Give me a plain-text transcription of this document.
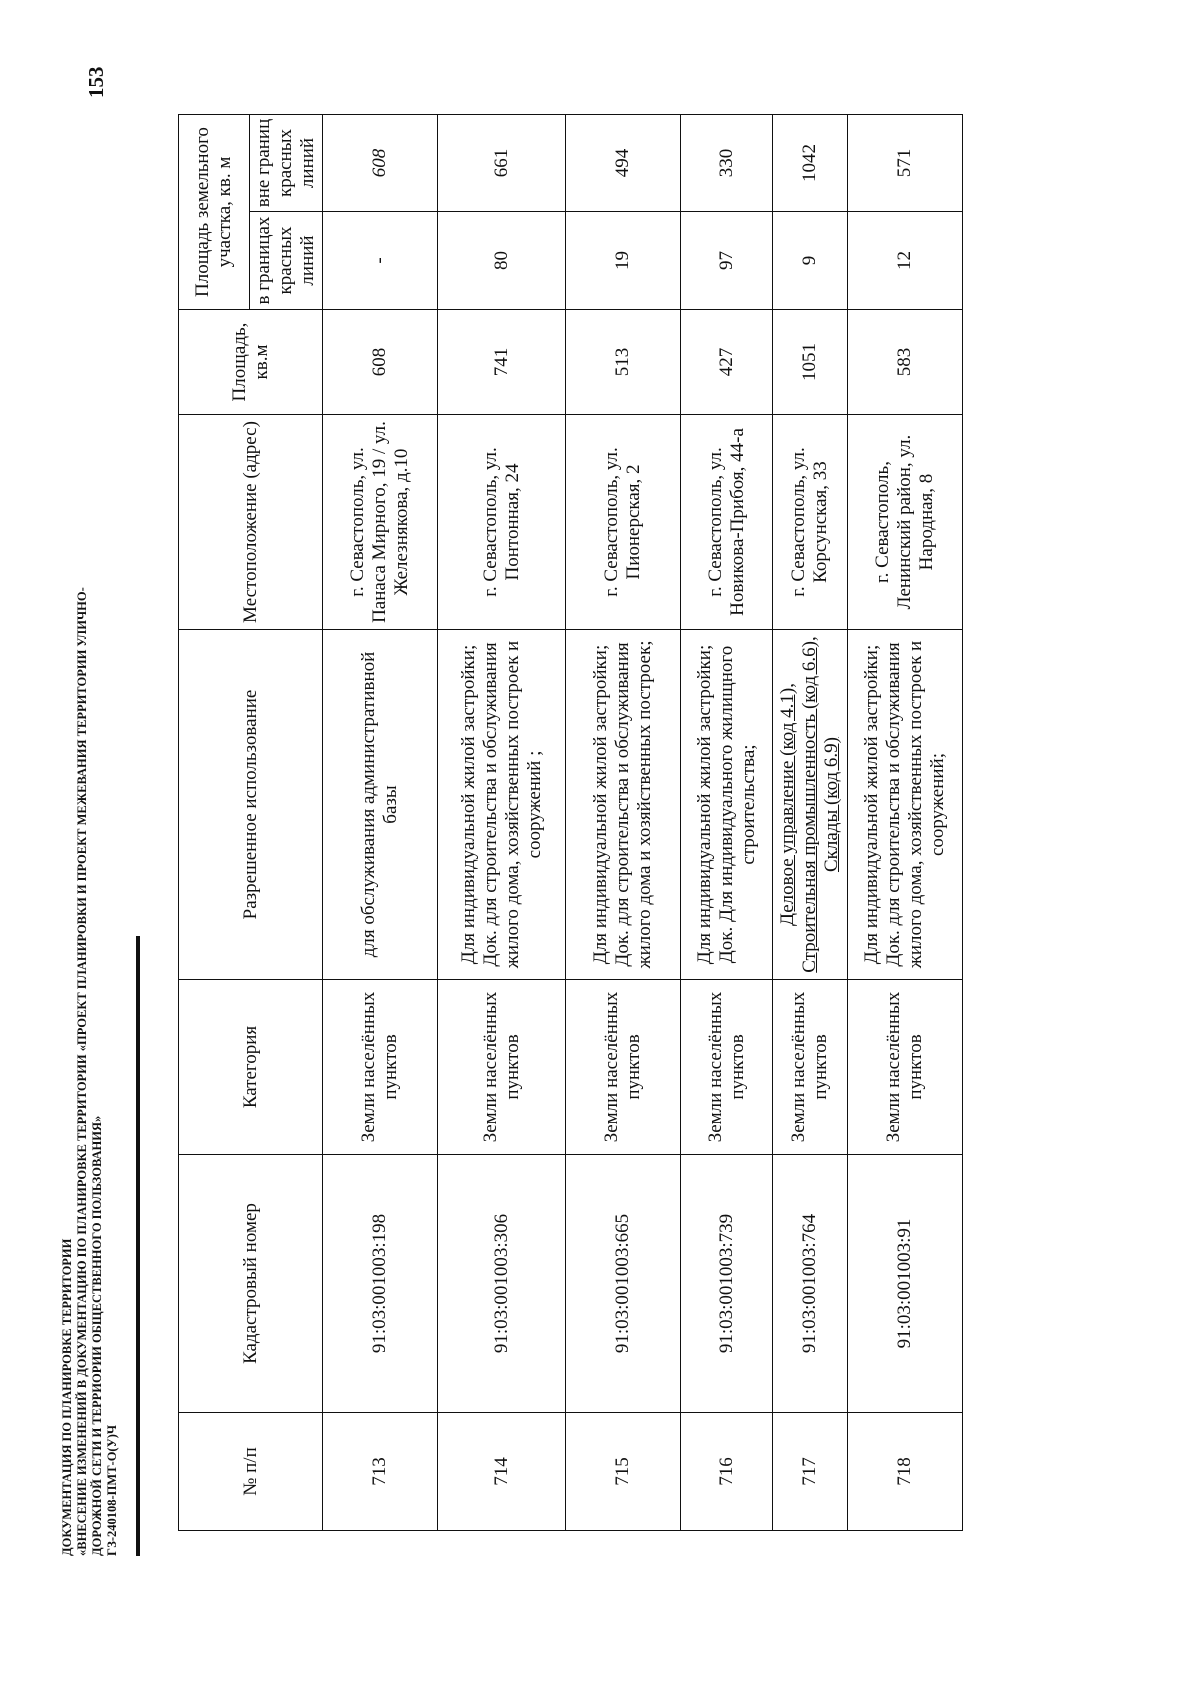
ДОКУМЕНТАЦИЯ ПО ПЛАНИРОВКЕ ТЕРРИТОРИИ «ВНЕСЕНИЕ ИЗМЕНЕНИЙ В ДОКУМЕНТАЦИЮ ПО ПЛАНИРОВКЕ ТЕРРИТОРИИ «ПРОЕКТ ПЛАНИРОВКИ И ПРОЕКТ МЕЖЕВАНИЯ ТЕРРИТОРИИ УЛИЧНО- ДОРОЖНОЙ СЕТИ И ТЕРРИОРИИ ОБЩЕСТВЕННОГО ПОЛЬЗОВАНИЯ» ГЗ-240108-ПМТ-О(У)Ч
153
№ п/п	Кадастровый номер	Категория	Разрешенное использование	Местоположение (адрес)	Площадь, кв.м	Площадь земельного участка, кв. м	
						в границах красных линий	вне границ красных линий
713	91:03:001003:198	Земли населённых пунктов	для обслуживания административной базы	г. Севастополь, ул. Панаса Мирного, 19 / ул. Железнякова, д.10	608	-	608
714	91:03:001003:306	Земли населённых пунктов	Для индивидуальной жилой застройки; Док. для строительства и обслуживания жилого дома, хозяйственных построек и сооружений ;	г. Севастополь, ул. Понтонная, 24	741	80	661
715	91:03:001003:665	Земли населённых пунктов	Для индивидуальной жилой застройки; Док. для строительства и обслуживания жилого дома и хозяйственных построек;	г. Севастополь, ул. Пионерская, 2	513	19	494
716	91:03:001003:739	Земли населённых пунктов	Для индивидуальной жилой застройки; Док. Для индивидуального жилищного строительства;	г. Севастополь, ул. Новикова-Прибоя, 44-а	427	97	330
717	91:03:001003:764	Земли населённых пунктов	Деловое управление (код 4.1), Строительная промышленность (код 6.6), Склады (код 6.9)	г. Севастополь, ул. Корсунская, 33	1051	9	1042
718	91:03:001003:91	Земли населённых пунктов	Для индивидуальной жилой застройки; Док. для строительства и обслуживания жилого дома, хозяйственных построек и сооружений;	г. Севастополь, Ленинский район, ул. Народная, 8	583	12	571
